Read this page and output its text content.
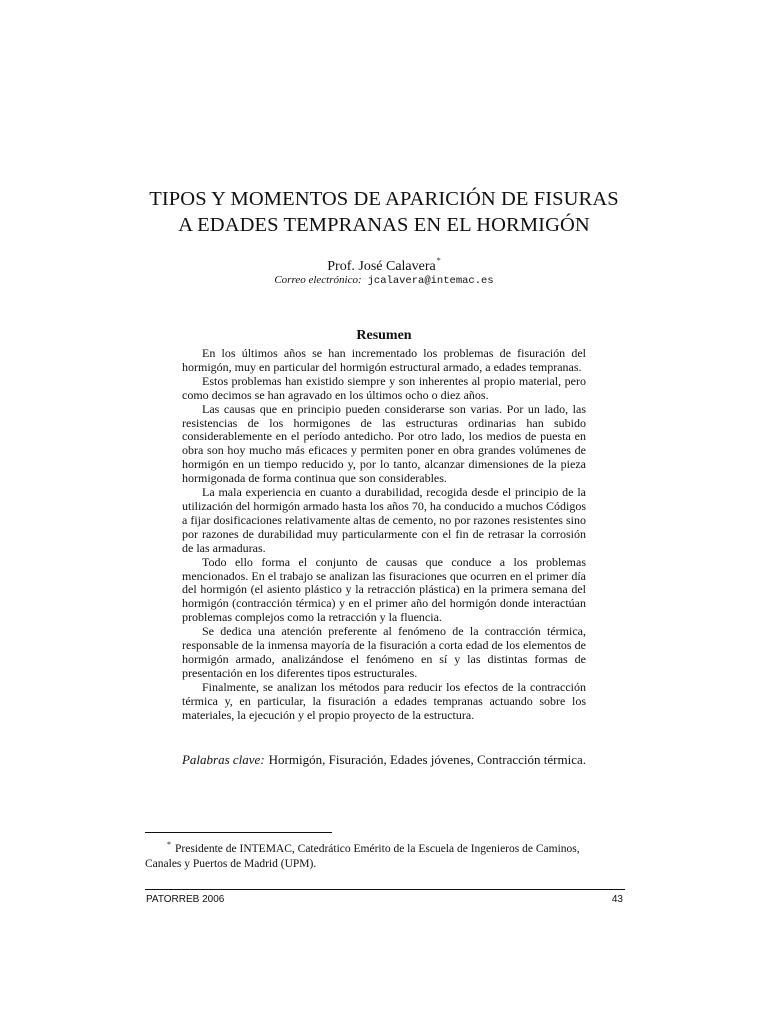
TIPOS Y MOMENTOS DE APARICIÓN DE FISURAS
A EDADES TEMPRANAS EN EL HORMIGÓN
Prof. José Calavera*
Correo electrónico: jcalavera@intemac.es
Resumen

En los últimos años se han incrementado los problemas de fisuración del hormigón, muy en particular del hormigón estructural armado, a edades tempranas.

Estos problemas han existido siempre y son inherentes al propio material, pero como decimos se han agravado en los últimos ocho o diez años.

Las causas que en principio pueden considerarse son varias. Por un lado, las resistencias de los hormigones de las estructuras ordinarias han subido considerablemente en el período antedicho. Por otro lado, los medios de puesta en obra son hoy mucho más eficaces y permiten poner en obra grandes volúmenes de hormigón en un tiempo reducido y, por lo tanto, alcanzar dimensiones de la pieza hormigonada de forma continua que son considerables.

La mala experiencia en cuanto a durabilidad, recogida desde el principio de la utilización del hormigón armado hasta los años 70, ha conducido a muchos Códigos a fijar dosificaciones relativamente altas de cemento, no por razones resistentes sino por razones de durabilidad muy particularmente con el fin de retrasar la corrosión de las armaduras.

Todo ello forma el conjunto de causas que conduce a los problemas mencionados. En el trabajo se analizan las fisuraciones que ocurren en el primer día del hormigón (el asiento plástico y la retracción plástica) en la primera semana del hormigón (contracción térmica) y en el primer año del hormigón donde interactúan problemas complejos como la retracción y la fluencia.

Se dedica una atención preferente al fenómeno de la contracción térmica, responsable de la inmensa mayoría de la fisuración a corta edad de los elementos de hormigón armado, analizándose el fenómeno en sí y las distintas formas de presentación en los diferentes tipos estructurales.

Finalmente, se analizan los métodos para reducir los efectos de la contracción térmica y, en particular, la fisuración a edades tempranas actuando sobre los materiales, la ejecución y el propio proyecto de la estructura.

Palabras clave: Hormigón, Fisuración, Edades jóvenes, Contracción térmica.

* Presidente de INTEMAC, Catedrático Emérito de la Escuela de Ingenieros de Caminos, Canales y Puertos de Madrid (UPM).

PATORREB 2006	43
